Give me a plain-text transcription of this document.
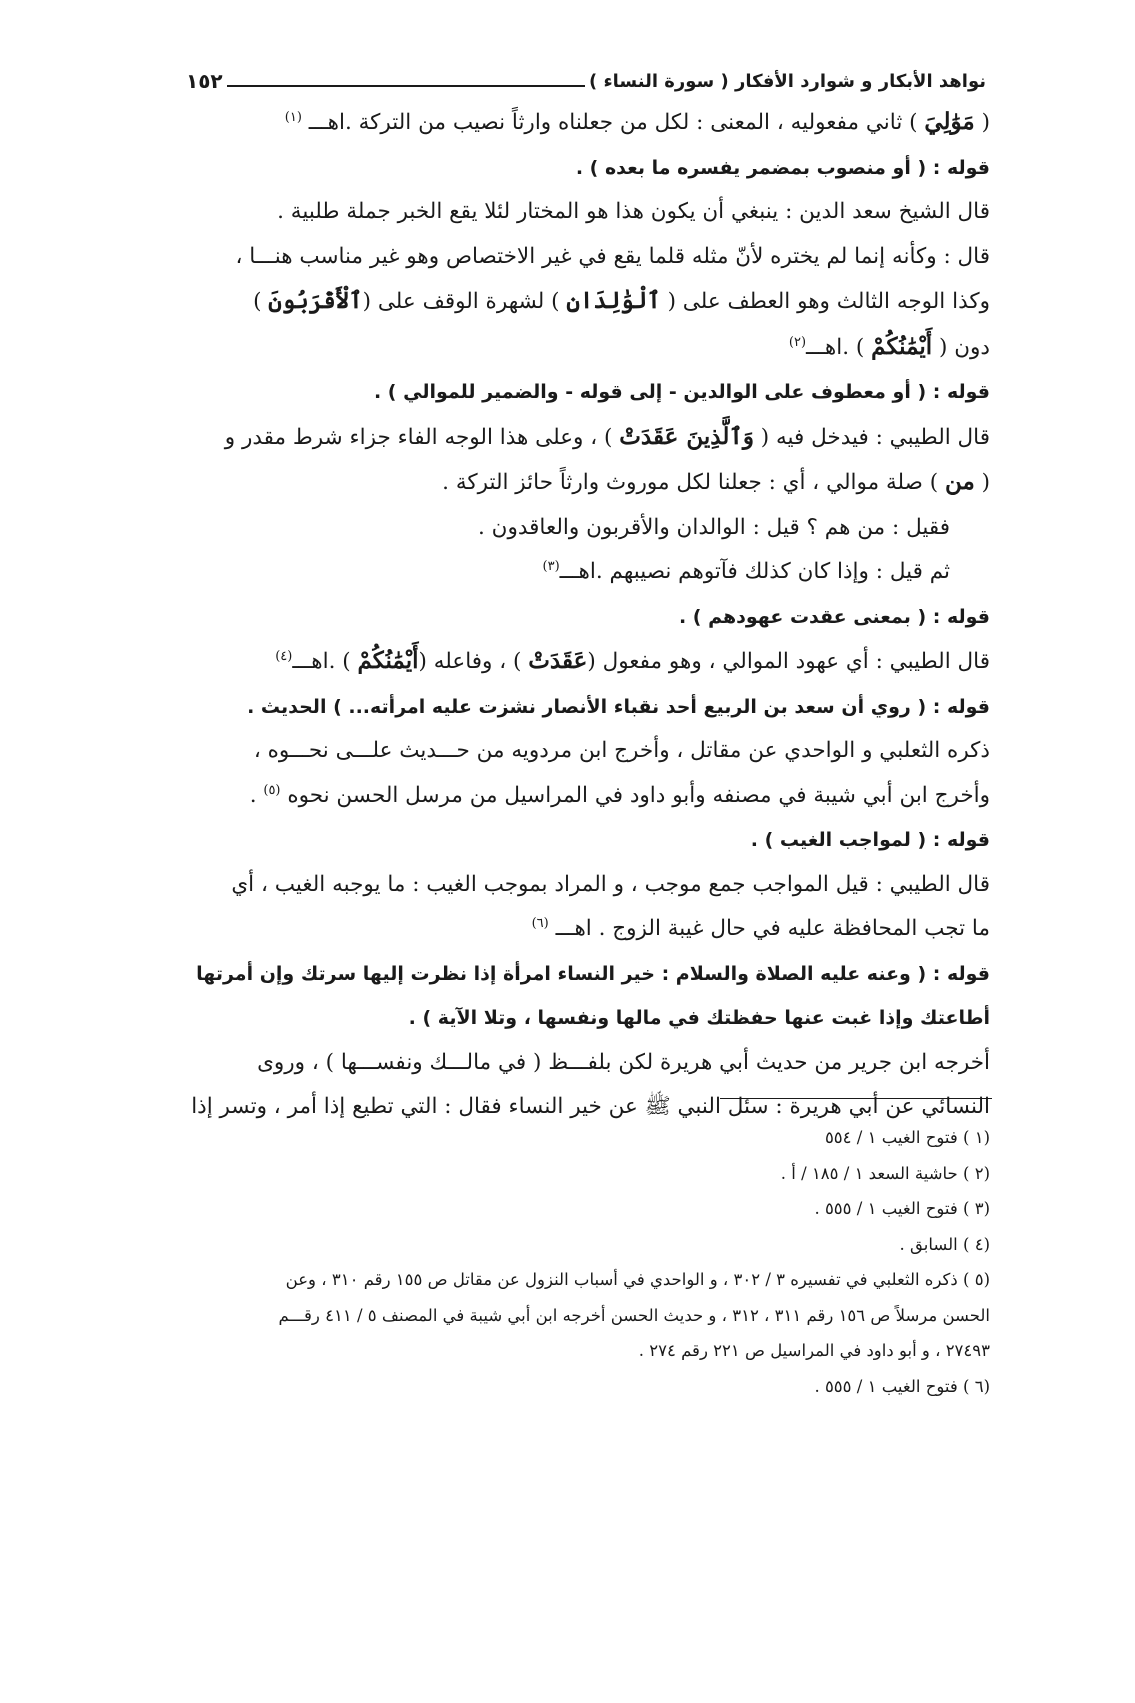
نواهد الأبكار و شوارد الأفكار ( سورة النساء )
١٥٢
( مَوَٰلِيَ ) ثاني مفعوليه ، المعنى : لكل من جعلناه وارثاً نصيب من التركة .اهـــ $^{(١)}$
قوله : ( أو منصوب بمضمر يفسره ما بعده ) .
قال الشيخ سعد الدين : ينبغي أن يكون هذا هو المختار لئلا يقع الخبر جملة طلبية .
قال : وكأنه إنما لم يختره لأنّ مثله قلما يقع في غير الاختصاص وهو غير مناسب هنـــا ،
وكذا الوجه الثالث وهو العطف على ( ٱلْوَٰلِدَانِ ) لشهرة الوقف على (ٱلْأَقْرَبُونَ )
دون ( أَيْمَٰنُكُمْ ) .اهـــ$^{(٢)}$
قوله : ( أو معطوف على الوالدين - إلى قوله - والضمير للموالي ) .
قال الطيبي : فيدخل فيه ( وَٱلَّذِينَ عَقَدَتْ ) ، وعلى هذا الوجه الفاء جزاء شرط مقدر و
( من ) صلة موالي ، أي : جعلنا لكل موروث وارثاً حائز التركة .
فقيل : من هم ؟ قيل : الوالدان والأقربون والعاقدون .
ثم قيل : وإذا كان كذلك فآتوهم نصيبهم .اهـــ$^{(٣)}$
قوله : ( بمعنى عقدت عهودهم ) .
قال الطيبي : أي عهود الموالي ، وهو مفعول (عَقَدَتْ ) ، وفاعله (أَيْمَٰنُكُمْ ) .اهـــ$^{(٤)}$
قوله : ( روي أن سعد بن الربيع أحد نقباء الأنصار نشزت عليه امرأته... ) الحديث .
ذكره الثعلبي و الواحدي عن مقاتل ، وأخرج ابن مردويه من حـــديث علـــى نحـــوه ،
وأخرج ابن أبي شيبة في مصنفه وأبو داود في المراسيل من مرسل الحسن نحوه $^{(٥)}$ .
قوله : ( لمواجب الغيب ) .
قال الطيبي : قيل المواجب جمع موجب ، و المراد بموجب الغيب : ما يوجبه الغيب ، أي
ما تجب المحافظة عليه في حال غيبة الزوج . اهـــ $^{(٦)}$
قوله : ( وعنه عليه الصلاة والسلام : خير النساء امرأة إذا نظرت إليها سرتك وإن أمرتها
أطاعتك وإذا غبت عنها حفظتك في مالها ونفسها ، وتلا الآية ) .
أخرجه ابن جرير من حديث أبي هريرة لكن بلفـــظ ( في مالـــك ونفســـها ) ، وروى
النسائي عن أبي هريرة : سئل النبي ﷺ عن خير النساء فقال : التي تطيع إذا أمر ، وتسر إذا
(١ ) فتوح الغيب ١ / ٥٥٤
(٢ ) حاشية السعد ١ / ١٨٥ / أ .
(٣ ) فتوح الغيب ١ / ٥٥٥ .
(٤ ) السابق .
(٥ ) ذكره الثعلبي في تفسيره ٣ / ٣٠٢ ، و الواحدي في أسباب النزول عن مقاتل ص ١٥٥ رقم ٣١٠ ، وعن
الحسن مرسلاً ص ١٥٦ رقم ٣١١ ، ٣١٢ ، و حديث الحسن أخرجه ابن أبي شيبة في المصنف ٥ / ٤١١ رقـــم
٢٧٤٩٣ ، و أبو داود في المراسيل ص ٢٢١ رقم ٢٧٤ .
(٦ ) فتوح الغيب ١ / ٥٥٥ .
